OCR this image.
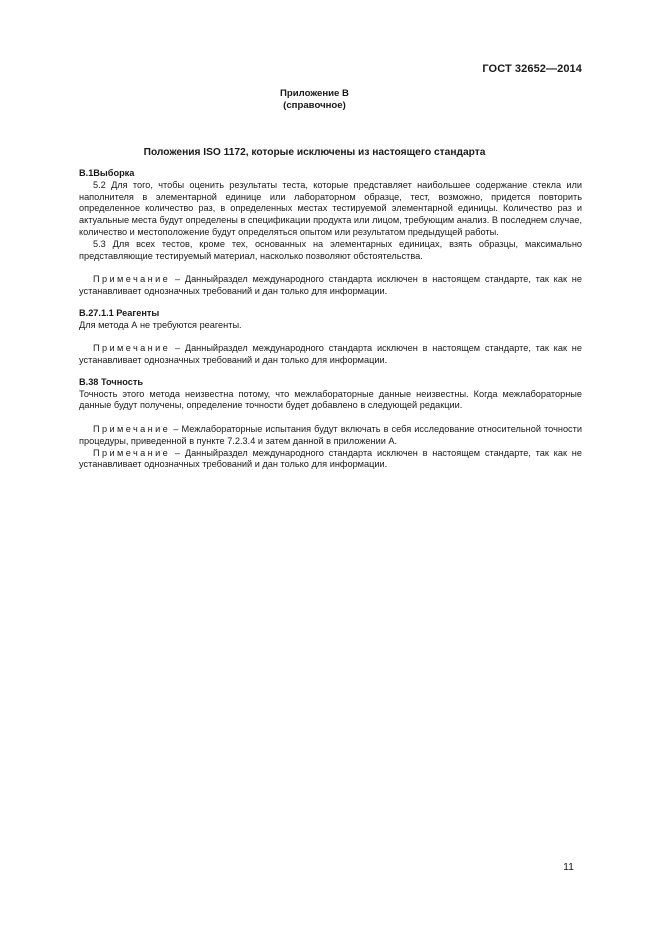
ГОСТ 32652—2014
Приложение В
(справочное)
Положения ISO 1172, которые исключены из настоящего стандарта

В.1Выборка

5.2 Для того, чтобы оценить результаты теста, которые представляет наибольшее содержание стекла или наполнителя в элементарной единице или лабораторном образце, тест, возможно, придется повторить определенное количество раз, в определенных местах тестируемой элементарной единицы. Количество раз и актуальные места будут определены в спецификации продукта или лицом, требующим анализ. В последнем случае, количество и местоположение будут определяться опытом или результатом предыдущей работы.

5.3 Для всех тестов, кроме тех, основанных на элементарных единицах, взять образцы, максимально представляющие тестируемый материал, насколько позволяют обстоятельства.

Примечание – Данныйраздел международного стандарта исключен в настоящем стандарте, так как не устанавливает однозначных требований и дан только для информации.

В.27.1.1 Реагенты

Для метода А не требуются реагенты.

Примечание – Данныйраздел международного стандарта исключен в настоящем стандарте, так как не устанавливает однозначных требований и дан только для информации.

В.38 Точность

Точность этого метода неизвестна потому, что межлабораторные данные неизвестны. Когда межлабораторные данные будут получены, определение точности будет добавлено в следующей редакции.

Примечание – Межлабораторные испытания будут включать в себя исследование относительной точности процедуры, приведенной в пункте 7.2.3.4 и затем данной в приложении А.

Примечание – Данныйраздел международного стандарта исключен в настоящем стандарте, так как не устанавливает однозначных требований и дан только для информации.

11
